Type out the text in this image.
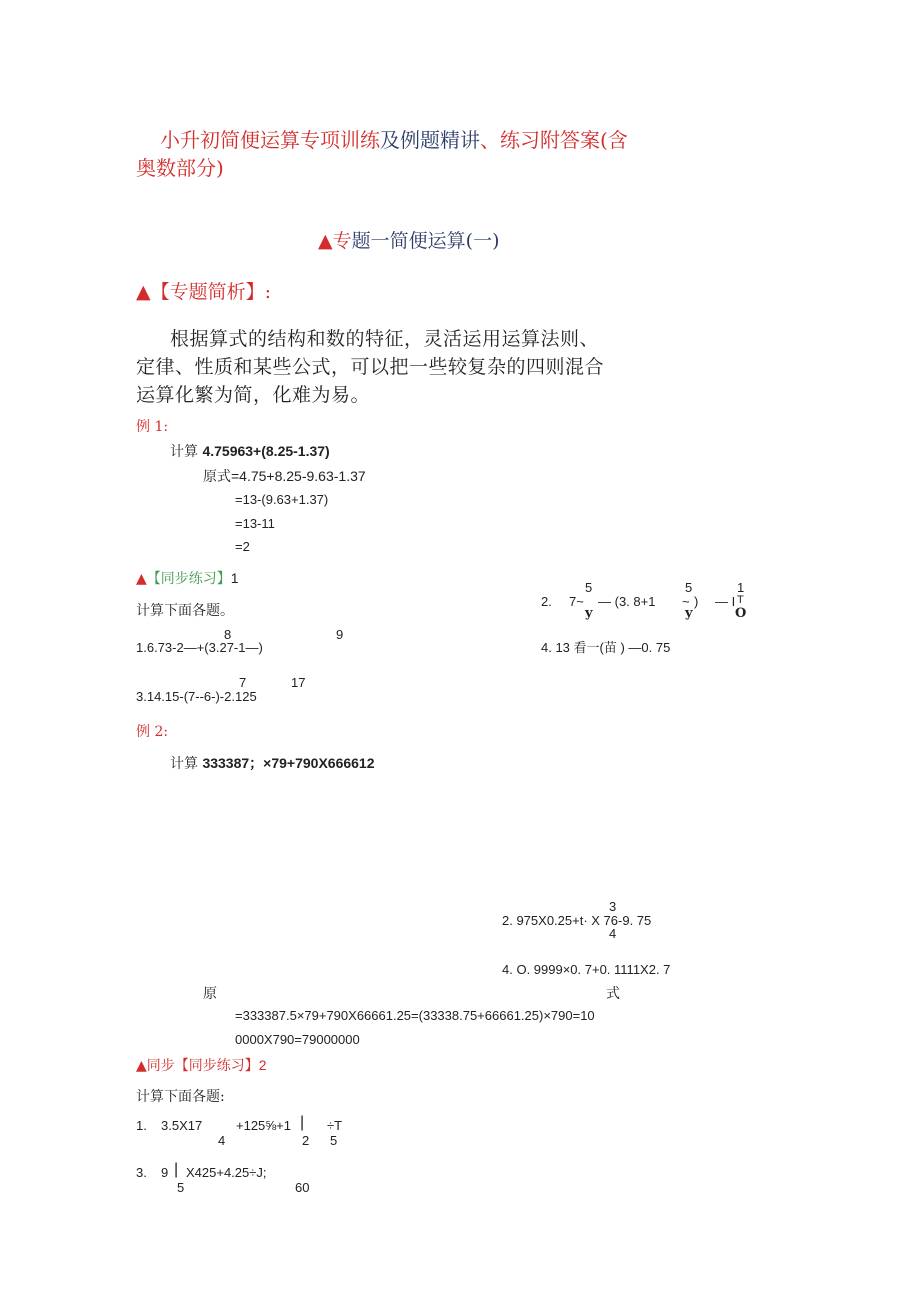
小升初简便运算专项训练及例题精讲、练习附答案(含
奥数部分)
▲专题一简便运算(一)
▲【专题简析】:
根据算式的结构和数的特征，灵活运用运算法则、
定律、性质和某些公式，可以把一些较复杂的四则混合
运算化繁为简，化难为易。
例 1:
计算 4.75963+(8.25-1.37)
原式=4.75+8.25-9.63-1.37
=13-(9.63+1.37)
=13-11
=2
▲【同步练习】1
计算下面各题。
8	9
1.6.73-2—+(3.27-1—)
7	17
3.14.15-(7--6-)-2.125
2. 7~
5
y
— (3. 8+1
5
~
y
) — I
1
T
O
4. 13 看一(苗 ) —0. 75
例 2:
计算 333387；×79+790X666612
3
2. 975X0.25+t· X 76-9. 75
4
4. O. 9999×0. 7+0. 1111X2. 7
原	式
=333387.5×79+790X66661.25=(33338.75+66661.25)×790=10
0000X790=79000000
▲同步【同步练习】2
计算下面各题:
1. 3.5X17	+125⅝+1 | ÷T
4	2 5
3. 9 | X425+4.25÷J;
5	60
